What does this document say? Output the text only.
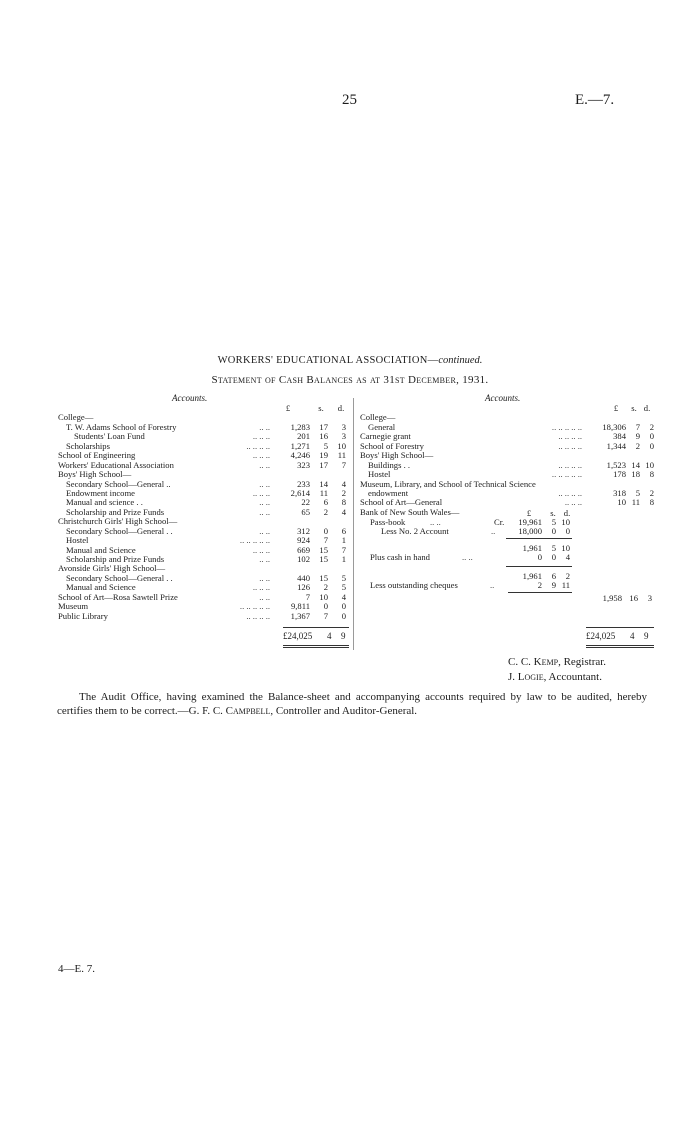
25	E.—7.
WORKERS' EDUCATIONAL ASSOCIATION—continued.
Statement of Cash Balances as at 31st December, 1931.
Accounts.	Accounts.
£	s.	d.
College—
T. W. Adams School of Forestry	.. ..	1,283	17	3
Students' Loan Fund	.. .. ..	201	16	3
Scholarships	.. .. .. ..	1,271	5	10
School of Engineering	.. .. ..	4,246	19	11
Workers' Educational Association	.. ..	323	17	7
Boys' High School—
Secondary School—General ..	.. ..	233	14	4
Endowment income	.. .. ..	2,614	11	2
Manual and science . .	.. ..	22	6	8
Scholarship and Prize Funds	.. ..	65	2	4
Christchurch Girls' High School—
Secondary School—General . .	.. ..	312	0	6
Hostel	.. .. .. .. ..	924	7	1
Manual and Science	.. .. ..	669	15	7
Scholarship and Prize Funds	.. ..	102	15	1
Avonside Girls' High School—
Secondary School—General . .	.. ..	440	15	5
Manual and Science	.. .. ..	126	2	5
School of Art—Rosa Sawtell Prize	.. ..	7	10	4
Museum	.. .. .. .. ..	9,811	0	0
Public Library	.. .. .. ..	1,367	7	0
£	s. d.
College—
General	.. .. .. .. ..	18,306	7	2
Carnegie grant	.. .. .. ..	384	9	0
School of Forestry	.. .. .. ..	1,344	2	0
Boys' High School—
Buildings . .	.. .. .. ..	1,523 14 10
Hostel	.. .. .. .. ..	178 18	8
Museum, Library, and School of Technical Science
endowment	.. .. .. ..	318	5	2
School of Art—General	.. .. ..	10 11	8
Bank of New South Wales—	£	s. d.
Pass-book	.. ..	Cr.	19,961	5 10
Less No. 2 Account	..	18,000	0	0
1,961	5 10
Plus cash in hand	.. ..	0	0	4
1,961	6	2
Less outstanding cheques	..	2	9 11
1,958 16	3
£24,025 4 9	£24,025 4 9
C. C. Kemp, Registrar.
J. Logie, Accountant.
The Audit Office, having examined the Balance-sheet and accompanying accounts required by law to be audited, hereby certifies them to be correct.—G. F. C. Campbell, Controller and Auditor-General.
4—E. 7.
